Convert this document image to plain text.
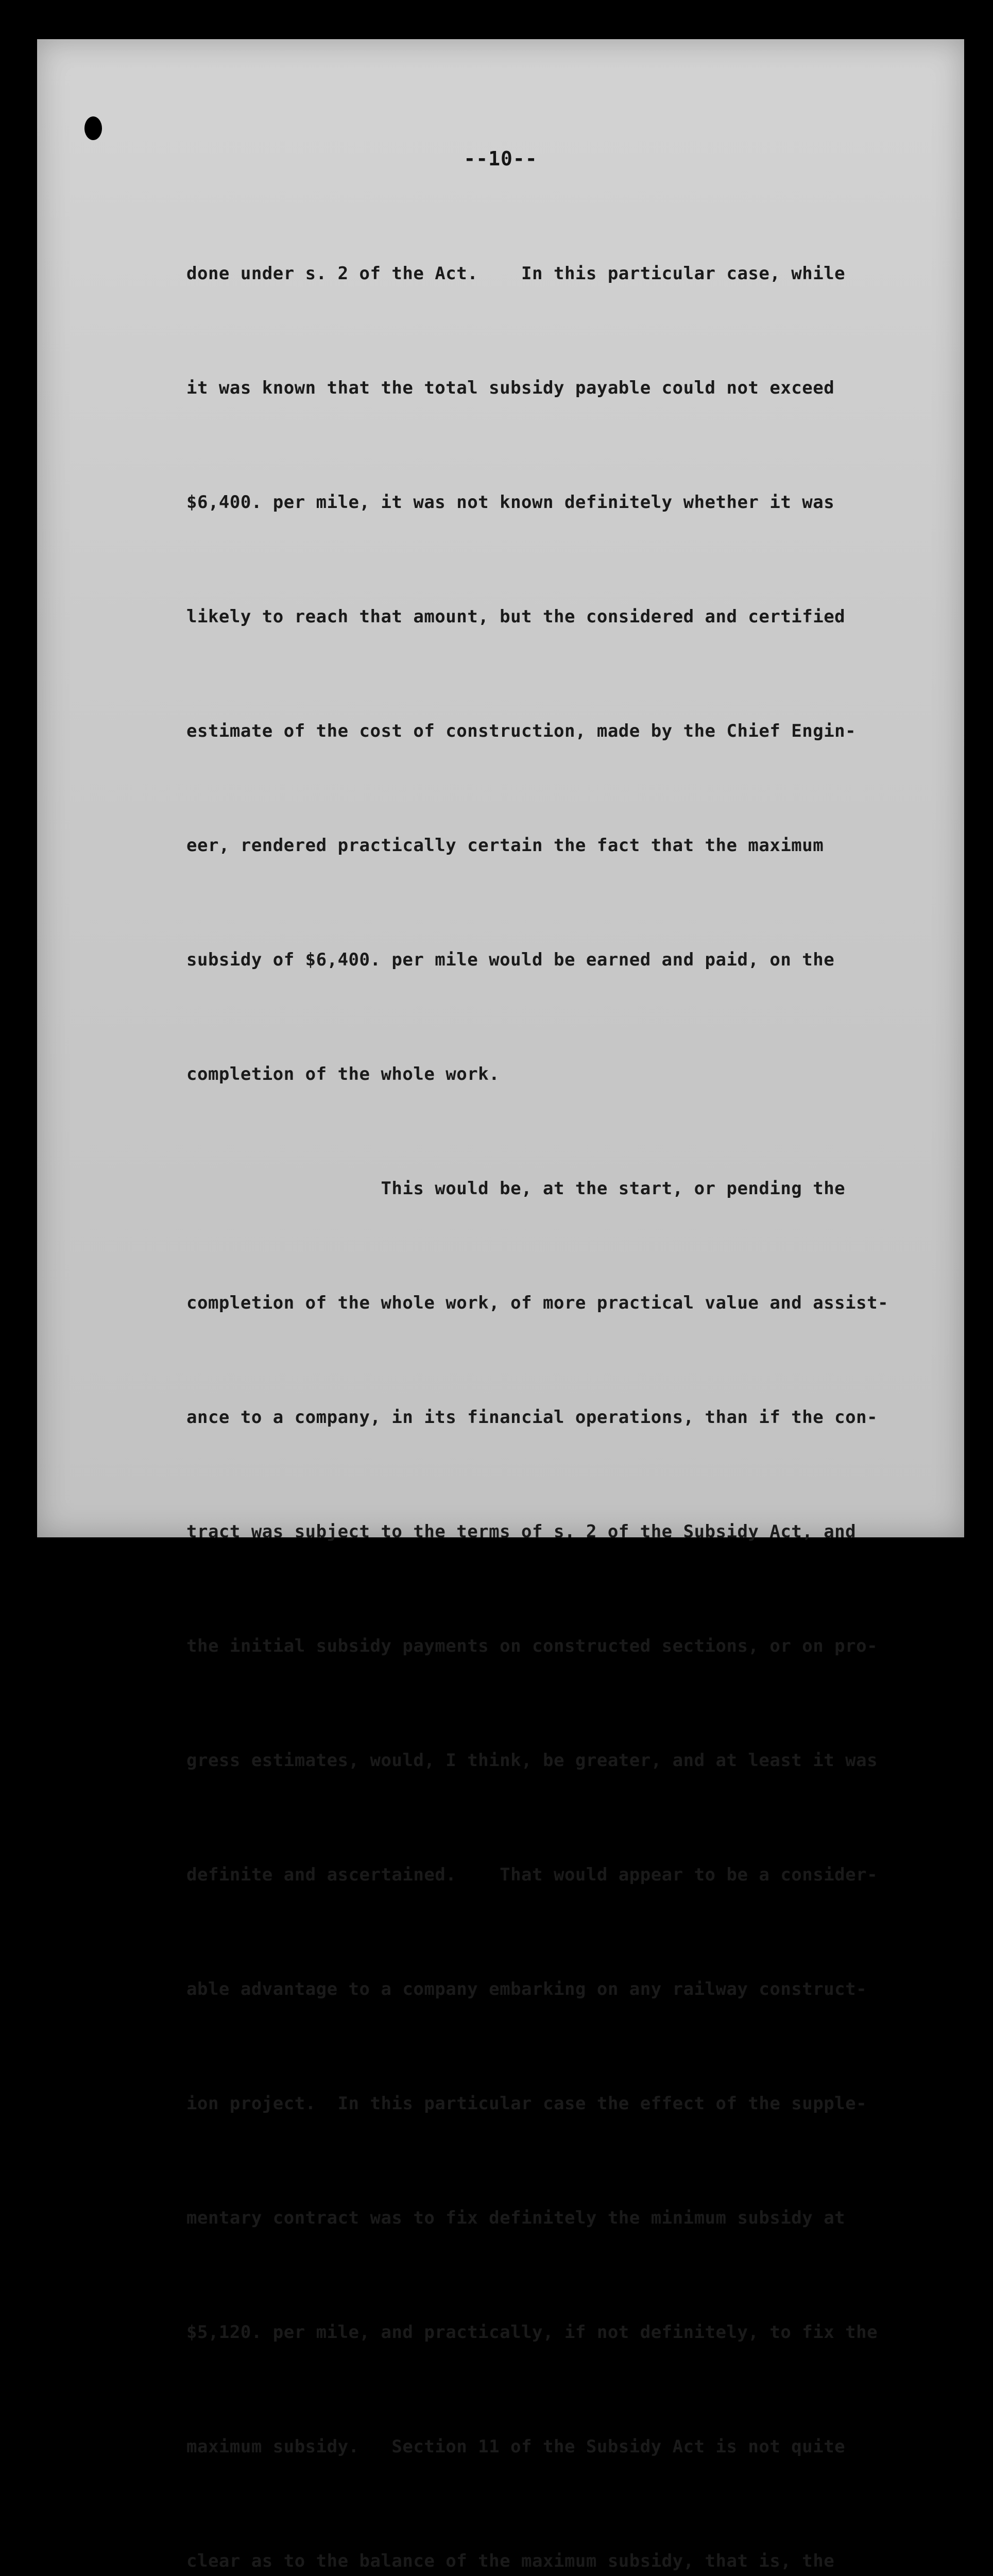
--10--

done under s. 2 of the Act.    In this particular case, while

it was known that the total subsidy payable could not exceed

$6,400. per mile, it was not known definitely whether it was

likely to reach that amount, but the considered and certified

estimate of the cost of construction, made by the Chief Engin-

eer, rendered practically certain the fact that the maximum

subsidy of $6,400. per mile would be earned and paid, on the

completion of the whole work.

This would be, at the start, or pending the

completion of the whole work, of more practical value and assist-

ance to a company, in its financial operations, than if the con-

tract was subject to the terms of s. 2 of the Subsidy Act, and

the initial subsidy payments on constructed sections, or on pro-

gress estimates, would, I think, be greater, and at least it was

definite and ascertained.    That would appear to be a consider-

able advantage to a company embarking on any railway construct-

ion project.  In this particular case the effect of the supple-

mentary contract was to fix definitely the minimum subsidy at

$5,120. per mile, and practically, if not definitely, to fix the

maximum subsidy.   Section 11 of the Subsidy Act is not quite

clear as to the balance of the maximum subsidy, that is, the
